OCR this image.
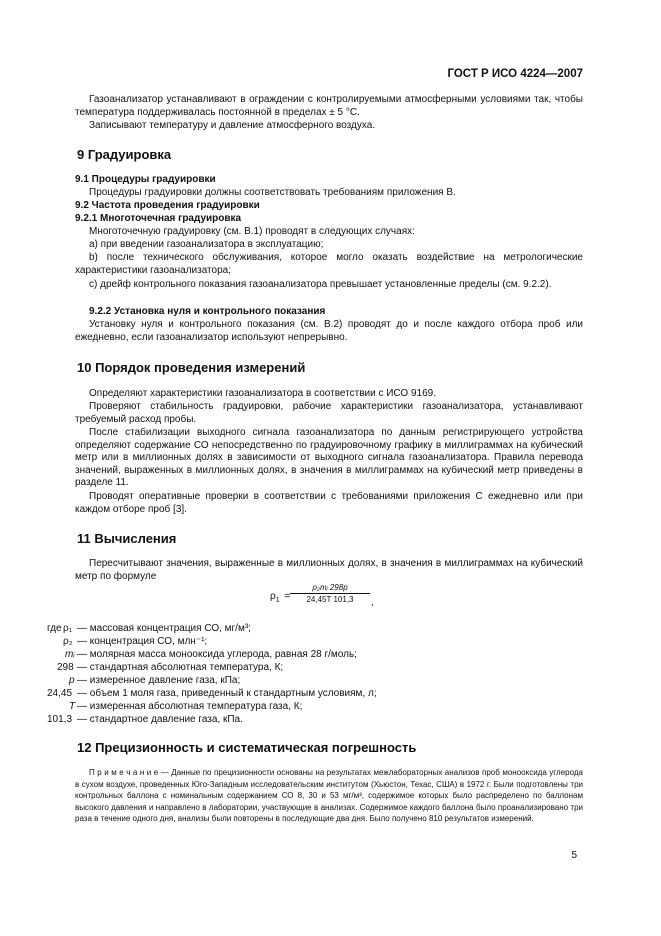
ГОСТ Р ИСО 4224—2007
Газоанализатор устанавливают в ограждении с контролируемыми атмосферными условиями так, чтобы температура поддерживалась постоянной в пределах ± 5 °С.
Записывают температуру и давление атмосферного воздуха.
9 Градуировка
9.1 Процедуры градуировки
Процедуры градуировки должны соответствовать требованиям приложения В.
9.2 Частота проведения градуировки
9.2.1 Многоточечная градуировка
Многоточечную градуировку (см. В.1) проводят в следующих случаях:
а) при введении газоанализатора в эксплуатацию;
b) после технического обслуживания, которое могло оказать воздействие на метрологические характеристики газоанализатора;
с) дрейф контрольного показания газоанализатора превышает установленные пределы (см. 9.2.2).
9.2.2 Установка нуля и контрольного показания
Установку нуля и контрольного показания (см. В.2) проводят до и после каждого отбора проб или ежедневно, если газоанализатор используют непрерывно.
10 Порядок проведения измерений
Определяют характеристики газоанализатора в соответствии с ИСО 9169.
Проверяют стабильность градуировки, рабочие характеристики газоанализатора, устанавливают требуемый расход пробы.
После стабилизации выходного сигнала газоанализатора по данным регистрирующего устройства определяют содержание СО непосредственно по градуировочному графику в миллиграммах на кубический метр или в миллионных долях в зависимости от выходного сигнала газоанализатора. Правила перевода значений, выраженных в миллионных долях, в значения в миллиграммах на кубический метр приведены в разделе 11.
Проводят оперативные проверки в соответствии с требованиями приложения С ежедневно или при каждом отборе проб [3].
11 Вычисления
Пересчитывают значения, выраженные в миллионных долях, в значения в миллиграммах на кубический метр по формуле
$\rho_1 = \frac{\text{ρ₂mᵢ 298p}}{24,45T 101,3}$ ,
где ρ₁ — массовая концентрация СО, мг/м³;
ρ₂ — концентрация СО, млн⁻¹;
mᵢ — молярная масса монооксида углерода, равная 28 г/моль;
298 — стандартная абсолютная температура, К;
p — измеренное давление газа, кПа;
24,45 — объем 1 моля газа, приведенный к стандартным условиям, л;
T — измеренная абсолютная температура газа, К;
101,3 — стандартное давление газа, кПа.
12 Прецизионность и систематическая погрешность
П р и м е ч а н и е — Данные по прецизионности основаны на результатах межлабораторных анализов проб монооксида углерода в сухом воздухе, проведенных Юго-Западным исследовательским институтом (Хьюстон, Техас, США) в 1972 г. Были подготовлены три контрольных баллона с номинальным содержанием СО 8, 30 и 53 мг/м³, содержимое которых было распределено по баллонам высокого давления и направлено в лаборатории, участвующие в анализах. Содержимое каждого баллона было проанализировано три раза в течение одного дня, анализы были повторены в последующие два дня. Было получено 810 результатов измерений.
5
